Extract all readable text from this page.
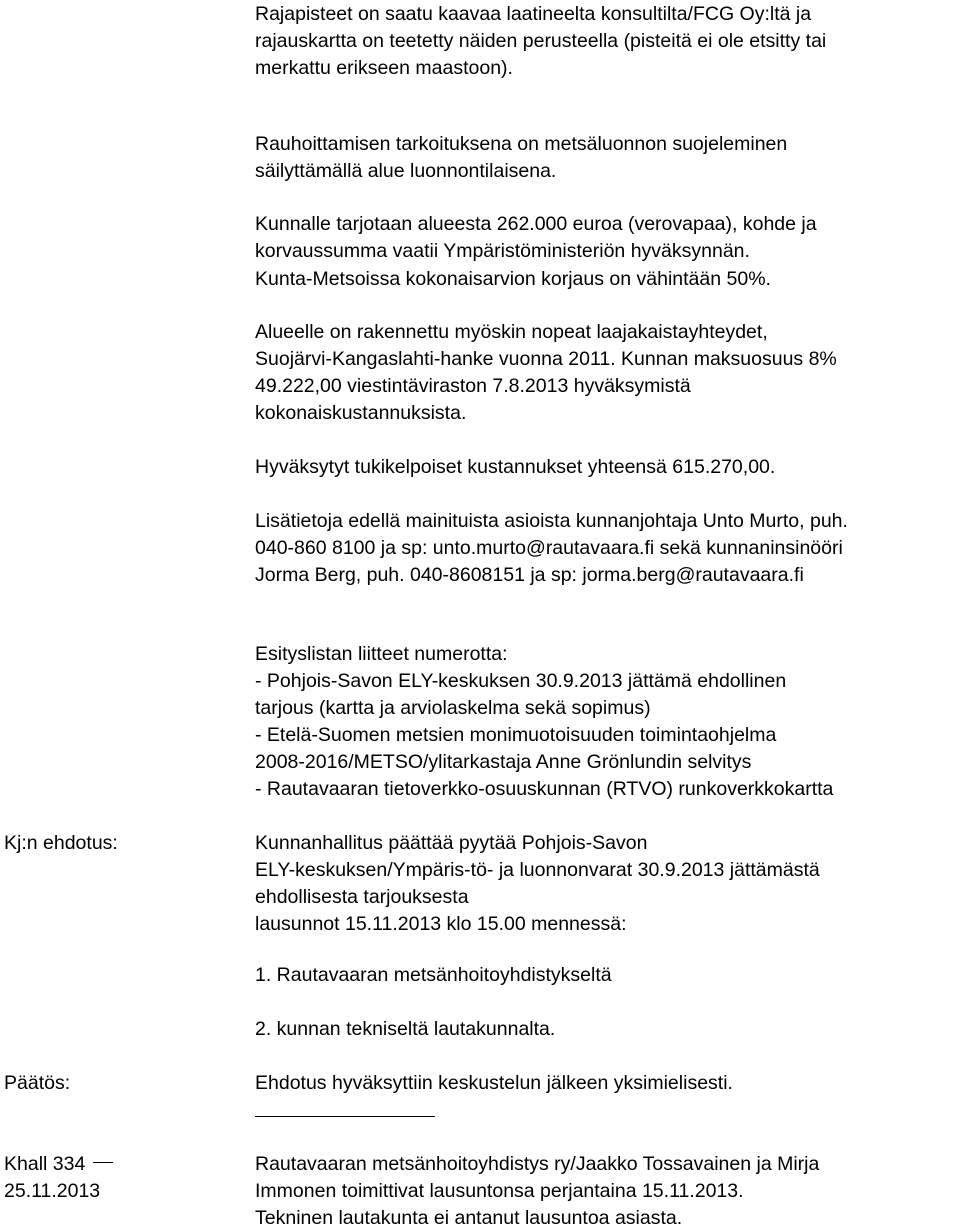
Rajapisteet on saatu kaavaa laatineelta konsultilta/FCG Oy:ltä ja
rajauskartta on teetetty näiden perusteella (pisteitä ei ole etsitty tai
merkattu erikseen maastoon).
Rauhoittamisen tarkoituksena on metsäluonnon suojeleminen
säilyttämällä alue luonnontilaisena.
Kunnalle tarjotaan alueesta 262.000 euroa (verovapaa), kohde ja
korvaussumma vaatii Ympäristöministeriön hyväksynnän.
Kunta-Metsoissa kokonaisarvion korjaus on vähintään 50%.
Alueelle on rakennettu myöskin nopeat laajakaistayhteydet,
Suojärvi-Kangaslahti-hanke vuonna 2011. Kunnan maksuosuus 8%
49.222,00 viestintäviraston 7.8.2013 hyväksymistä
kokonaiskustannuksista.
Hyväksytyt tukikelpoiset kustannukset yhteensä 615.270,00.
Lisätietoja edellä mainituista asioista kunnanjohtaja Unto Murto, puh.
040-860 8100 ja sp: unto.murto@rautavaara.fi sekä kunnaninsinööri
Jorma Berg, puh. 040-8608151 ja sp: jorma.berg@rautavaara.fi
Esityslistan liitteet numerotta:
- Pohjois-Savon ELY-keskuksen 30.9.2013 jättämä ehdollinen
tarjous (kartta ja arviolaskelma sekä sopimus)
- Etelä-Suomen metsien monimuotoisuuden toimintaohjelma
2008-2016/METSO/ylitarkastaja Anne Grönlundin selvitys
- Rautavaaran tietoverkko-osuuskunnan (RTVO) runkoverkkokartta
Kj:n ehdotus:	Kunnanhallitus päättää pyytää Pohjois-Savon
ELY-keskuksen/Ympäris-tö- ja luonnonvarat 30.9.2013 jättämästä
ehdollisesta tarjouksesta
lausunnot 15.11.2013 klo 15.00 mennessä:
1. Rautavaaran metsänhoitoyhdistykseltä
2. kunnan tekniseltä lautakunnalta.
Päätös:	Ehdotus hyväksyttiin keskustelun jälkeen yksimielisesti.
Khall 334
25.11.2013
Rautavaaran metsänhoitoyhdistys ry/Jaakko Tossavainen ja Mirja
Immonen toimittivat lausuntonsa perjantaina 15.11.2013.
Tekninen lautakunta ei antanut lausuntoa asiasta.
